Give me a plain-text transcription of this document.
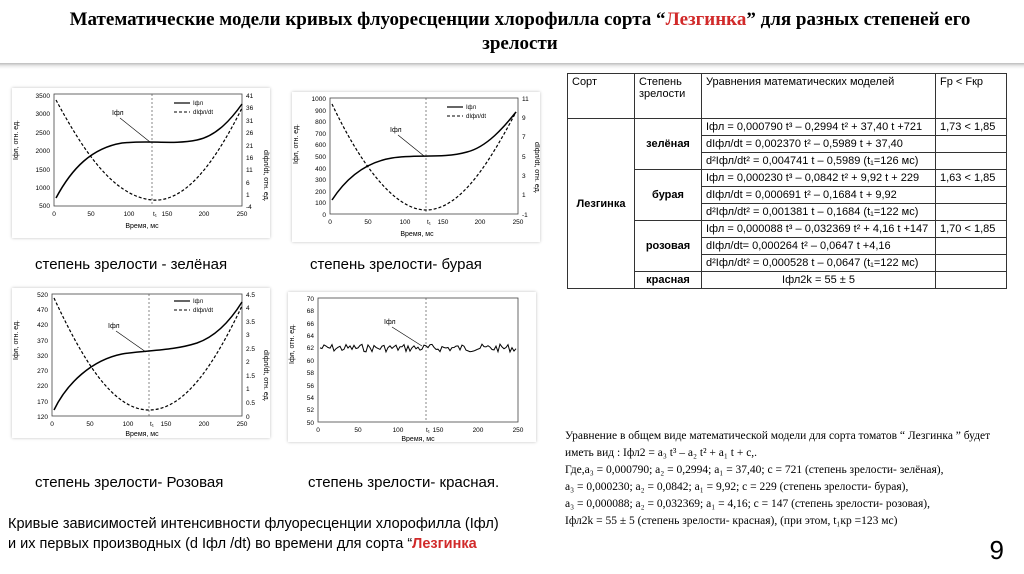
Математические модели кривых флуоресценции хлорофилла сорта “Лезгинка” для разных степеней его зрелости
Iфл, отн. ед.
3500
3000
2500
2000
1500
1000
500
41
36
31
26
21
16
11
6
1
-4
dIфл/dt, отн. ед.
0	50	100	150	200	250
t₁
Время, мс
Iфл
Iфл
dIфл/dt
степень зрелости - зелёная
Iфл, отн. ед.
1000
900
800
700
600
500
400
300
200
100
0
11
9
7
5
3
1
-1
dIфл/dt, отн. ед.
0	50	100	150	200	250
t₁
Время, мс
Iфл
Iфл
dIфл/dt
степень зрелости- бурая
Iфл, отн. ед.
520
470
420
370
320
270
220
170
120
4.5
4
3.5
3
2.5
2
1.5
1
0.5
0
dIфл/dt, отн. ед.
0	50	100	150	200	250
t₁
Время, мс
Iфл
Iфл
dIфл/dt
степень зрелости- Розовая
Iфл, отн. ед.
70
68
66
64
62
60
58
56
54
52
50
0	50	100	150	200	250
t₁
Время, мс
Iфл
степень зрелости- красная.
Кривые зависимостей интенсивности флуоресценции хлорофилла (Iфл)
и их первых производных (d Iфл /dt) во времени для сорта “Лезгинка
Сорт	Степень зрелости	Уравнения математических моделей	Fр < Fкр
Лезгинка	зелёная	Iфл = 0,000790 t³ – 0,2994 t² + 37,40 t +721	1,73 < 1,85
		dIфл/dt = 0,002370 t² – 0,5989 t + 37,40	
		d²Iфл/dt² = 0,004741 t – 0,5989 (t₁=126 мс)	
	бурая	Iфл = 0,000230 t³ – 0,0842 t² + 9,92 t + 229	1,63 < 1,85
		dIфл/dt = 0,000691 t² – 0,1684 t + 9,92	
		d²Iфл/dt² = 0,001381 t – 0,1684 (t₁=122 мс)	
	розовая	Iфл = 0,000088 t³ – 0,032369 t² + 4,16 t +147	1,70 < 1,85
		dIфл/dt= 0,000264 t² – 0,0647 t +4,16	
		d²Iфл/dt² = 0,000528 t – 0,0647 (t₁=122 мс)	
	красная	Iфл2k = 55 ± 5	

Уравнение в общем виде математической модели для сорта томатов “ Лезгинка ” будет иметь вид : Iфл2 = a₃ t³ – a₂ t² + a₁ t + c,.

Где,a₃ = 0,000790; a₂ = 0,2994; a₁ = 37,40; c = 721 (степень зрелости- зелёная),

a₃ = 0,000230; a₂ = 0,0842; a₁ = 9,92; c = 229 (степень зрелости- бурая),

a₃ = 0,000088; a₂ = 0,032369; a₁ = 4,16; c = 147 (степень зрелости- розовая),

Iфл2k = 55 ± 5 (степень зрелости- красная), (при этом, t₁кр =123 мс)

9
